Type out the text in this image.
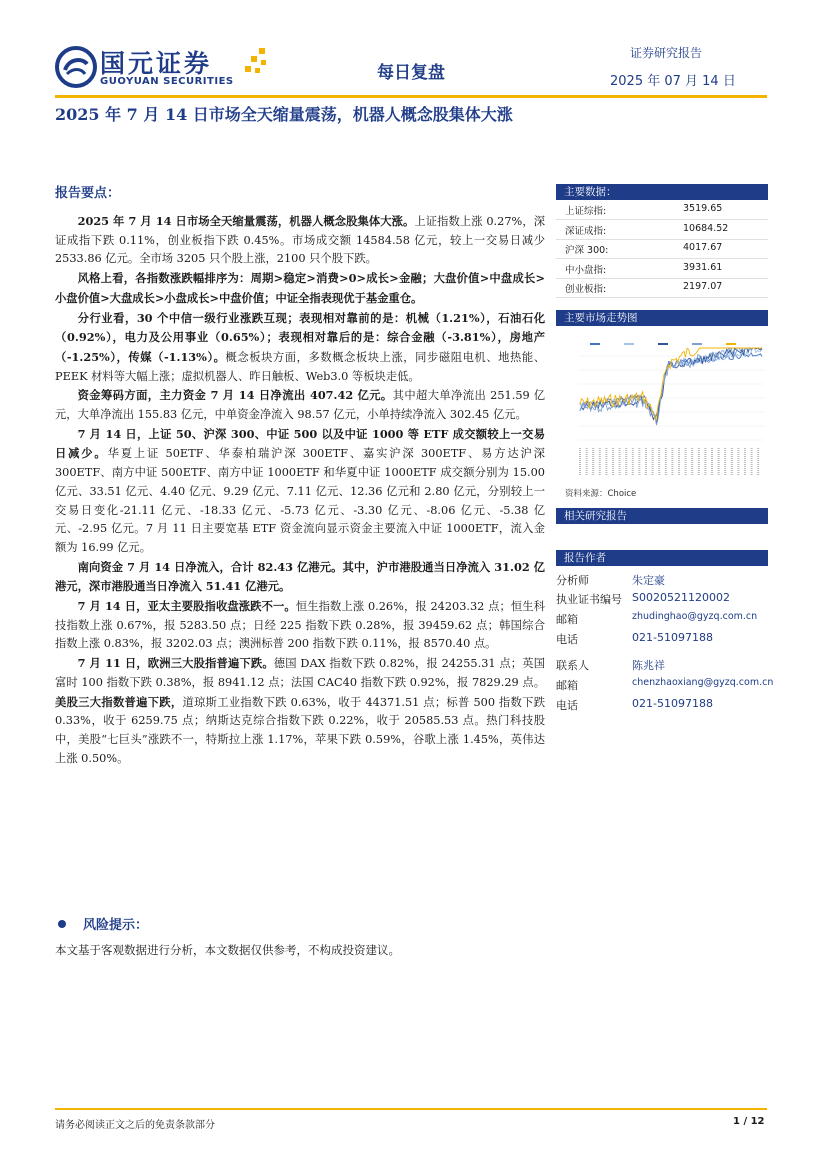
国元证券
GUOYUAN SECURITIES	每日复盘
证券研究报告
2025 年 07 月 14 日
2025 年 7 月 14 日市场全天缩量震荡，机器人概念股集体大涨
报告要点：

2025 年 7 月 14 日市场全天缩量震荡，机器人概念股集体大涨。上证指数上涨 0.27%，深证成指下跌 0.11%，创业板指下跌 0.45%。市场成交额 14584.58 亿元，较上一交易日减少 2533.86 亿元。全市场 3205 只个股上涨，2100 只个股下跌。

风格上看，各指数涨跌幅排序为：周期>稳定>消费>0>成长>金融；大盘价值>中盘成长>小盘价值>大盘成长>小盘成长>中盘价值；中证全指表现优于基金重仓。

分行业看，30 个中信一级行业涨跌互现；表现相对靠前的是：机械（1.21%），石油石化（0.92%），电力及公用事业（0.65%）；表现相对靠后的是：综合金融（-3.81%），房地产（-1.25%），传媒（-1.13%）。概念板块方面，多数概念板块上涨，同步磁阻电机、地热能、PEEK 材料等大幅上涨；虚拟机器人、昨日触板、Web3.0 等板块走低。

资金筹码方面，主力资金 7 月 14 日净流出 407.42 亿元。其中超大单净流出 251.59 亿元，大单净流出 155.83 亿元，中单资金净流入 98.57 亿元，小单持续净流入 302.45 亿元。

7 月 14 日，上证 50、沪深 300、中证 500 以及中证 1000 等 ETF 成交额较上一交易日减少。华夏上证 50ETF、华泰柏瑞沪深 300ETF、嘉实沪深 300ETF、易方达沪深 300ETF、南方中证 500ETF、南方中证 1000ETF 和华夏中证 1000ETF 成交额分别为 15.00 亿元、33.51 亿元、4.40 亿元、9.29 亿元、7.11 亿元、12.36 亿元和 2.80 亿元，分别较上一交易日变化-21.11 亿元、-18.33 亿元、-5.73 亿元、-3.30 亿元、-8.06 亿元、-5.38 亿元、-2.95 亿元。7 月 11 日主要宽基 ETF 资金流向显示资金主要流入中证 1000ETF，流入金额为 16.99 亿元。

南向资金 7 月 14 日净流入，合计 82.43 亿港元。其中，沪市港股通当日净流入 31.02 亿港元，深市港股通当日净流入 51.41 亿港元。

7 月 14 日，亚太主要股指收盘涨跌不一。恒生指数上涨 0.26%，报 24203.32 点；恒生科技指数上涨 0.67%，报 5283.50 点；日经 225 指数下跌 0.28%，报 39459.62 点；韩国综合指数上涨 0.83%，报 3202.03 点；澳洲标普 200 指数下跌 0.11%，报 8570.40 点。

7 月 11 日，欧洲三大股指普遍下跌。德国 DAX 指数下跌 0.82%，报 24255.31 点；英国富时 100 指数下跌 0.38%，报 8941.12 点；法国 CAC40 指数下跌 0.92%，报 7829.29 点。美股三大指数普遍下跌，道琼斯工业指数下跌 0.63%，收于 44371.51 点；标普 500 指数下跌 0.33%，收于 6259.75 点；纳斯达克综合指数下跌 0.22%，收于 20585.53 点。热门科技股中，美股“七巨头”涨跌不一，特斯拉上涨 1.17%，苹果下跌 0.59%，谷歌上涨 1.45%，英伟达上涨 0.50%。

主要数据：
上证综指:	3519.65
深证成指:	10684.52
沪深 300:	4017.67
中小盘指:	3931.61
创业板指:	2197.07
主要市场走势图
资料来源：Choice
相关研究报告
报告作者
分析师	朱定豪
执业证书编号 S0020521120002
邮箱	zhudinghao@gyzq.com.cn
电话	021-51097188
联系人	陈兆祥
邮箱	chenzhaoxiang@gyzq.com.cn
电话	021-51097188
风险提示：
本文基于客观数据进行分析，本文数据仅供参考，不构成投资建议。
请务必阅读正文之后的免责条款部分	1 / 12
